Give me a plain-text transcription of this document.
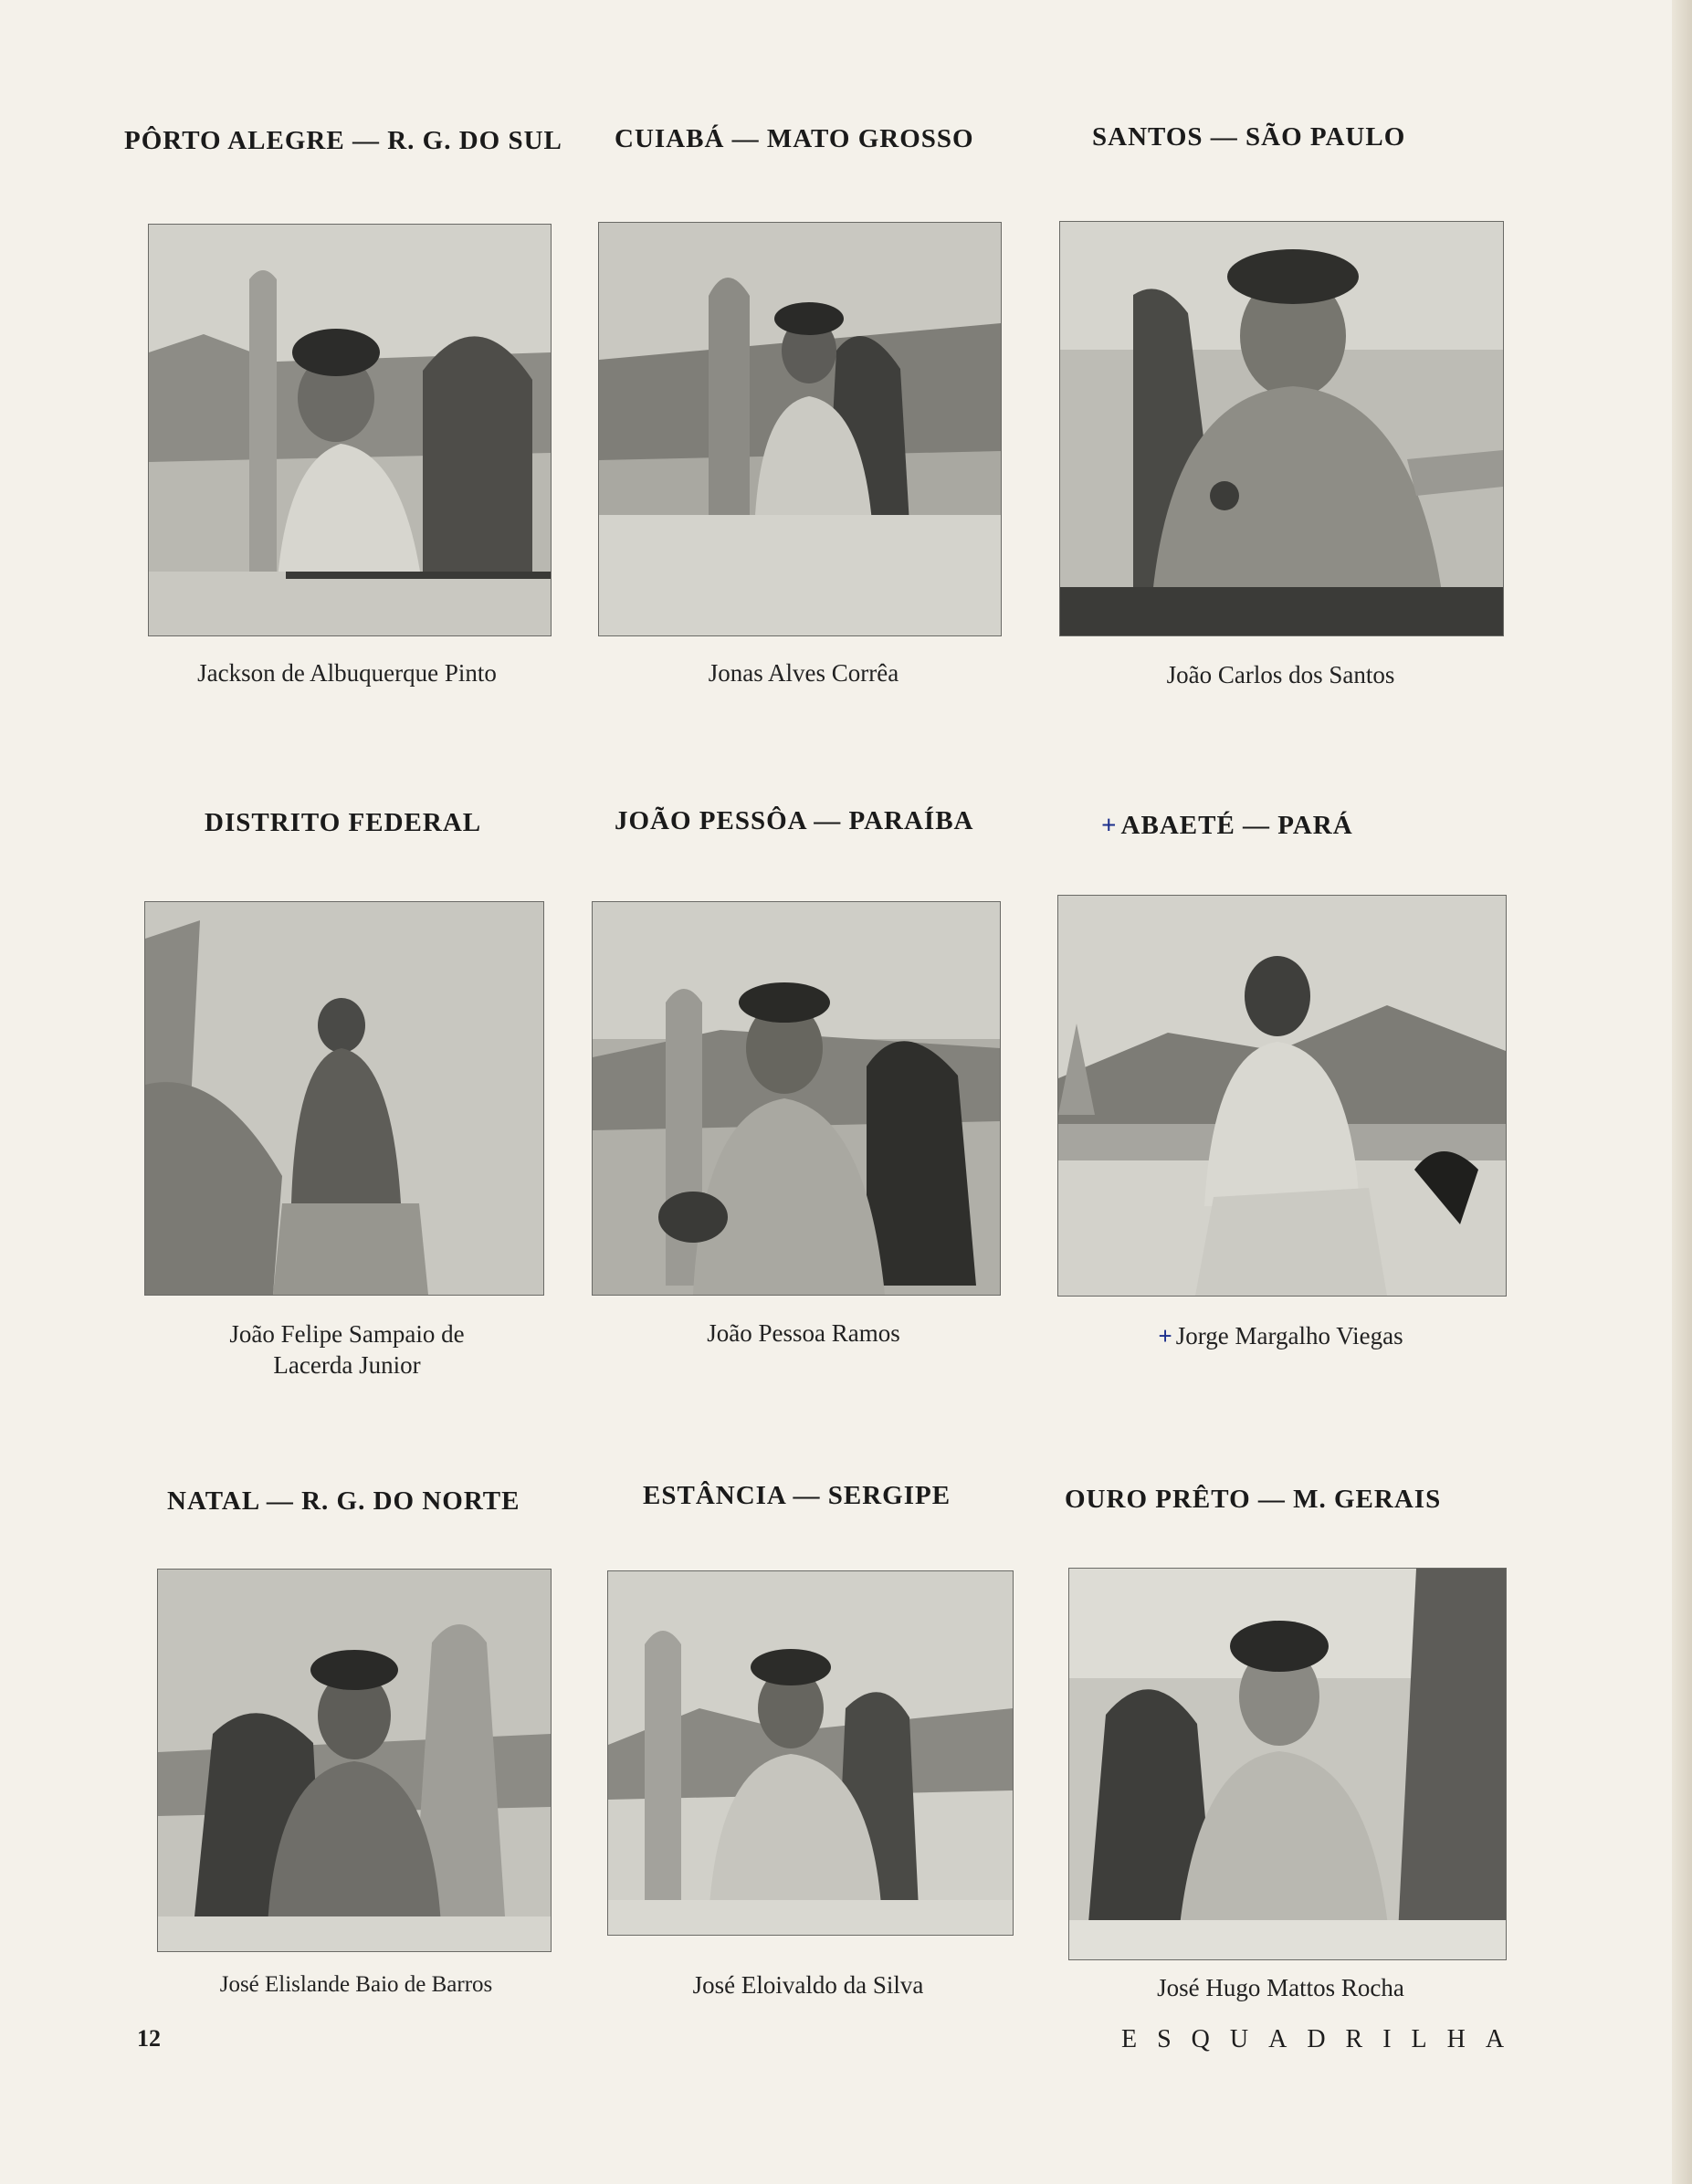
PÔRTO ALEGRE — R. G. DO SUL CUIABÁ — MATO GROSSO	SANTOS — SÃO PAULO
Jackson de Albuquerque Pinto	Jonas Alves Corrêa	João Carlos dos Santos
DISTRITO FEDERAL	JOÃO PESSÔA — PARAÍBA	+ ABAETÉ — PARÁ
João Felipe Sampaio de
Lacerda Junior
João Pessoa Ramos	+ Jorge Margalho Viegas
NATAL — R. G. DO NORTE	ESTÂNCIA — SERGIPE	OURO PRÊTO — M. GERAIS
José Elislande Baio de Barros	José Eloivaldo da Silva	José Hugo Mattos Rocha
12	ESQUADRILHA
